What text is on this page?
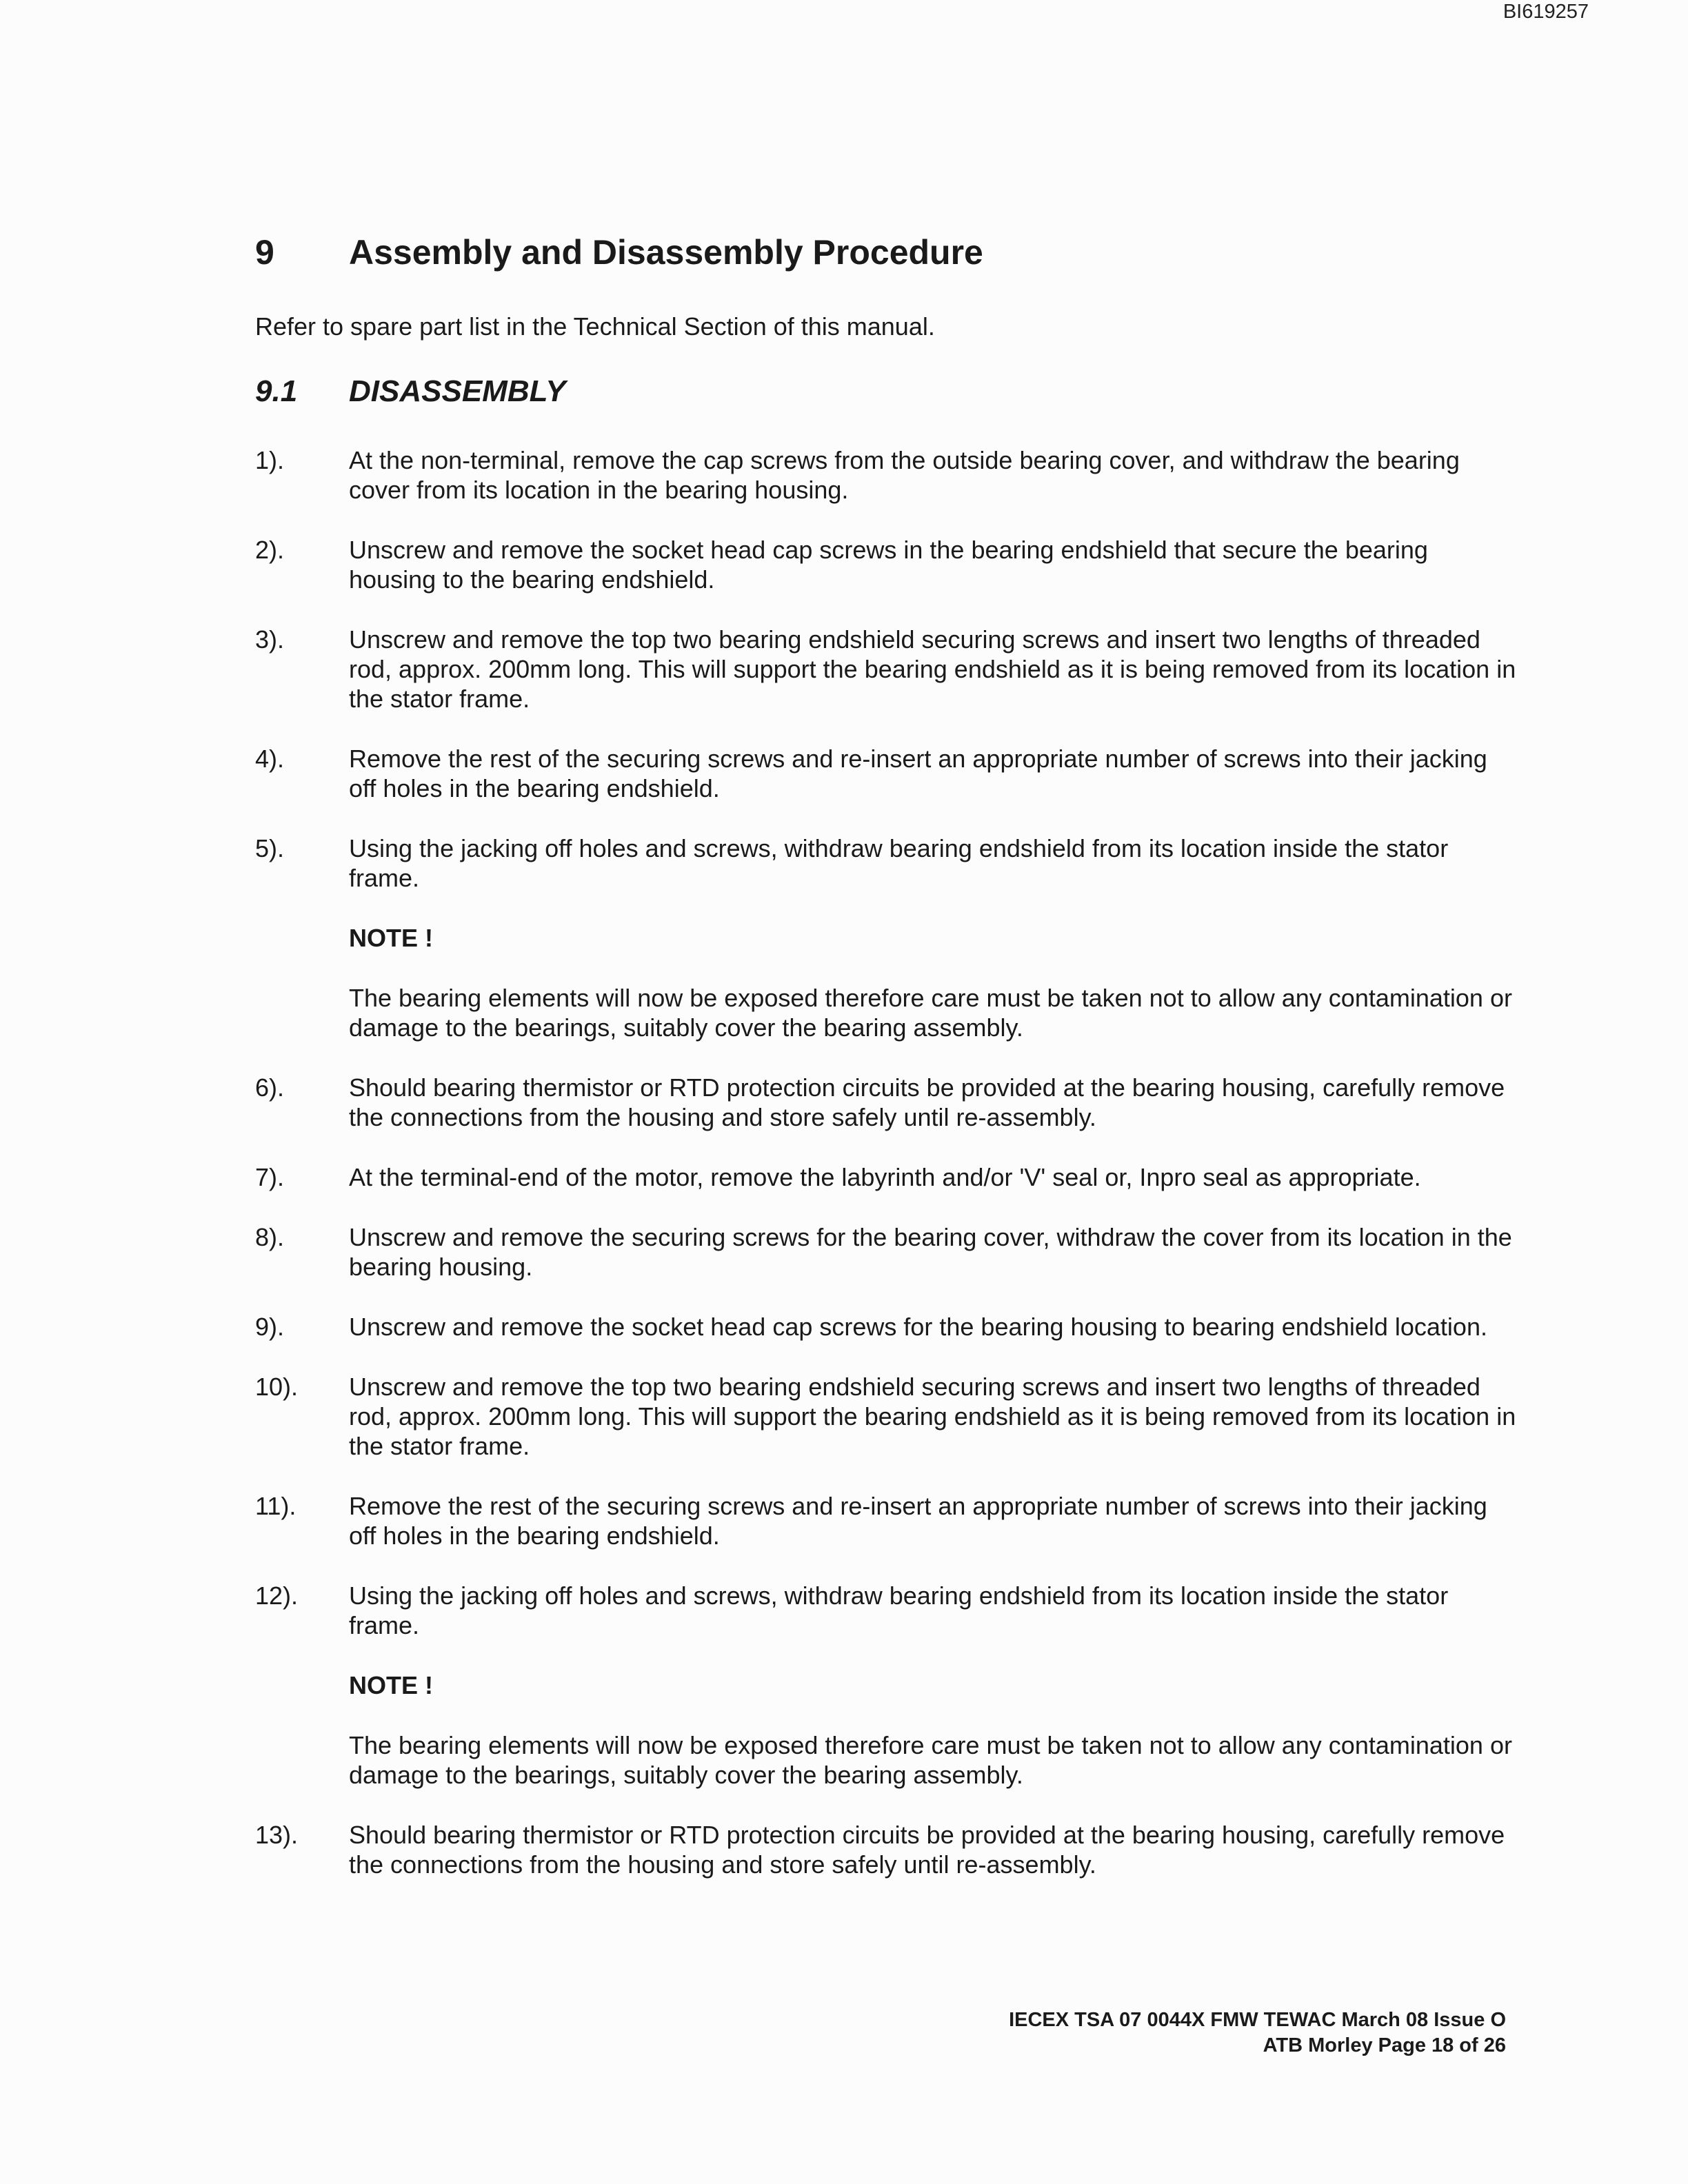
BI619257
9 Assembly and Disassembly Procedure
Refer to spare part list in the Technical Section of this manual.
9.1 DISASSEMBLY
1).	At the non-terminal, remove the cap screws from the outside bearing cover, and withdraw the bearing cover from its location in the bearing housing.
2).	Unscrew and remove the socket head cap screws in the bearing endshield that secure the bearing housing to the bearing endshield.
3).	Unscrew and remove the top two bearing endshield securing screws and insert two lengths of threaded rod, approx. 200mm long. This will support the bearing endshield as it is being removed from its location in the stator frame.
4).	Remove the rest of the securing screws and re-insert an appropriate number of screws into their jacking off holes in the bearing endshield.
5).	Using the jacking off holes and screws, withdraw bearing endshield from its location inside the stator frame.
NOTE !
The bearing elements will now be exposed therefore care must be taken not to allow any contamination or damage to the bearings, suitably cover the bearing assembly.
6).	Should bearing thermistor or RTD protection circuits be provided at the bearing housing, carefully remove the connections from the housing and store safely until re-assembly.
7).	At the terminal-end of the motor, remove the labyrinth and/or 'V' seal or, Inpro seal as appropriate.
8).	Unscrew and remove the securing screws for the bearing cover, withdraw the cover from its location in the bearing housing.
9).	Unscrew and remove the socket head cap screws for the bearing housing to bearing endshield location.
10). Unscrew and remove the top two bearing endshield securing screws and insert two lengths of threaded rod, approx. 200mm long. This will support the bearing endshield as it is being removed from its location in the stator frame.
11). Remove the rest of the securing screws and re-insert an appropriate number of screws into their jacking off holes in the bearing endshield.
12). Using the jacking off holes and screws, withdraw bearing endshield from its location inside the stator frame.
NOTE !
The bearing elements will now be exposed therefore care must be taken not to allow any contamination or damage to the bearings, suitably cover the bearing assembly.
13). Should bearing thermistor or RTD protection circuits be provided at the bearing housing, carefully remove the connections from the housing and store safely until re-assembly.
IECEX TSA 07 0044X FMW TEWAC March 08 Issue O
ATB Morley Page 18 of 26
